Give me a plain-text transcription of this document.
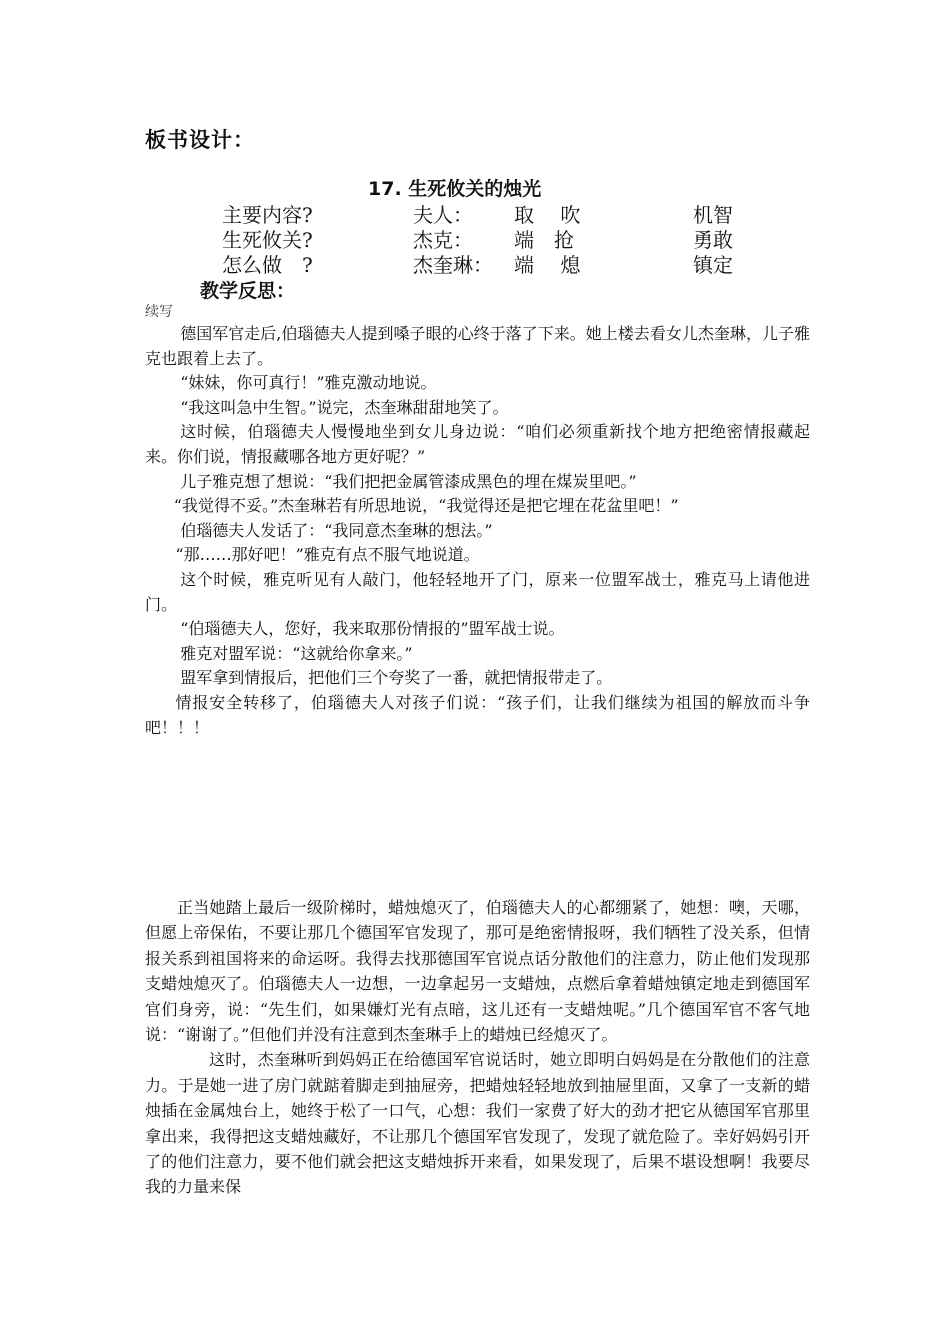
板书设计：
17. 生死攸关的烛光
主要内容?	夫人： 取　 吹	机智
生死攸关?	杰克： 端　抢	勇敢
怎么做　?	杰奎琳： 端　 熄	镇定
教学反思：
续写

德国军官走后,伯瑙德夫人提到嗓子眼的心终于落了下来。她上楼去看女儿杰奎琳，儿子雅克也跟着上去了。

“妹妹，你可真行！”雅克激动地说。

“我这叫急中生智。”说完，杰奎琳甜甜地笑了。

这时候，伯瑙德夫人慢慢地坐到女儿身边说：“咱们必须重新找个地方把绝密情报藏起来。你们说，情报藏哪各地方更好呢？”

儿子雅克想了想说：“我们把把金属管漆成黑色的埋在煤炭里吧。”

“我觉得不妥。”杰奎琳若有所思地说，“我觉得还是把它埋在花盆里吧！”

伯瑙德夫人发话了：“我同意杰奎琳的想法。”

“那……那好吧！”雅克有点不服气地说道。

这个时候，雅克听见有人敲门，他轻轻地开了门，原来一位盟军战士，雅克马上请他进门。

“伯瑙德夫人，您好，我来取那份情报的”盟军战士说。

雅克对盟军说：“这就给你拿来。”

盟军拿到情报后，把他们三个夸奖了一番，就把情报带走了。

情报安全转移了，伯瑙德夫人对孩子们说：“孩子们，让我们继续为祖国的解放而斗争吧！！！

正当她踏上最后一级阶梯时，蜡烛熄灭了，伯瑙德夫人的心都绷紧了，她想：噢，天哪，但愿上帝保佑，不要让那几个德国军官发现了，那可是绝密情报呀，我们牺牲了没关系，但情报关系到祖国将来的命运呀。我得去找那德国军官说点话分散他们的注意力，防止他们发现那支蜡烛熄灭了。伯瑙德夫人一边想，一边拿起另一支蜡烛，点燃后拿着蜡烛镇定地走到德国军官们身旁，说：“先生们，如果嫌灯光有点暗，这儿还有一支蜡烛呢。”几个德国军官不客气地说：“谢谢了。”但他们并没有注意到杰奎琳手上的蜡烛已经熄灭了。

这时，杰奎琳听到妈妈正在给德国军官说话时，她立即明白妈妈是在分散他们的注意力。于是她一进了房门就踮着脚走到抽屉旁，把蜡烛轻轻地放到抽屉里面，又拿了一支新的蜡烛插在金属烛台上，她终于松了一口气，心想：我们一家费了好大的劲才把它从德国军官那里拿出来，我得把这支蜡烛藏好，不让那几个德国军官发现了，发现了就危险了。幸好妈妈引开了的他们注意力，要不他们就会把这支蜡烛拆开来看，如果发现了，后果不堪设想啊！我要尽我的力量来保
